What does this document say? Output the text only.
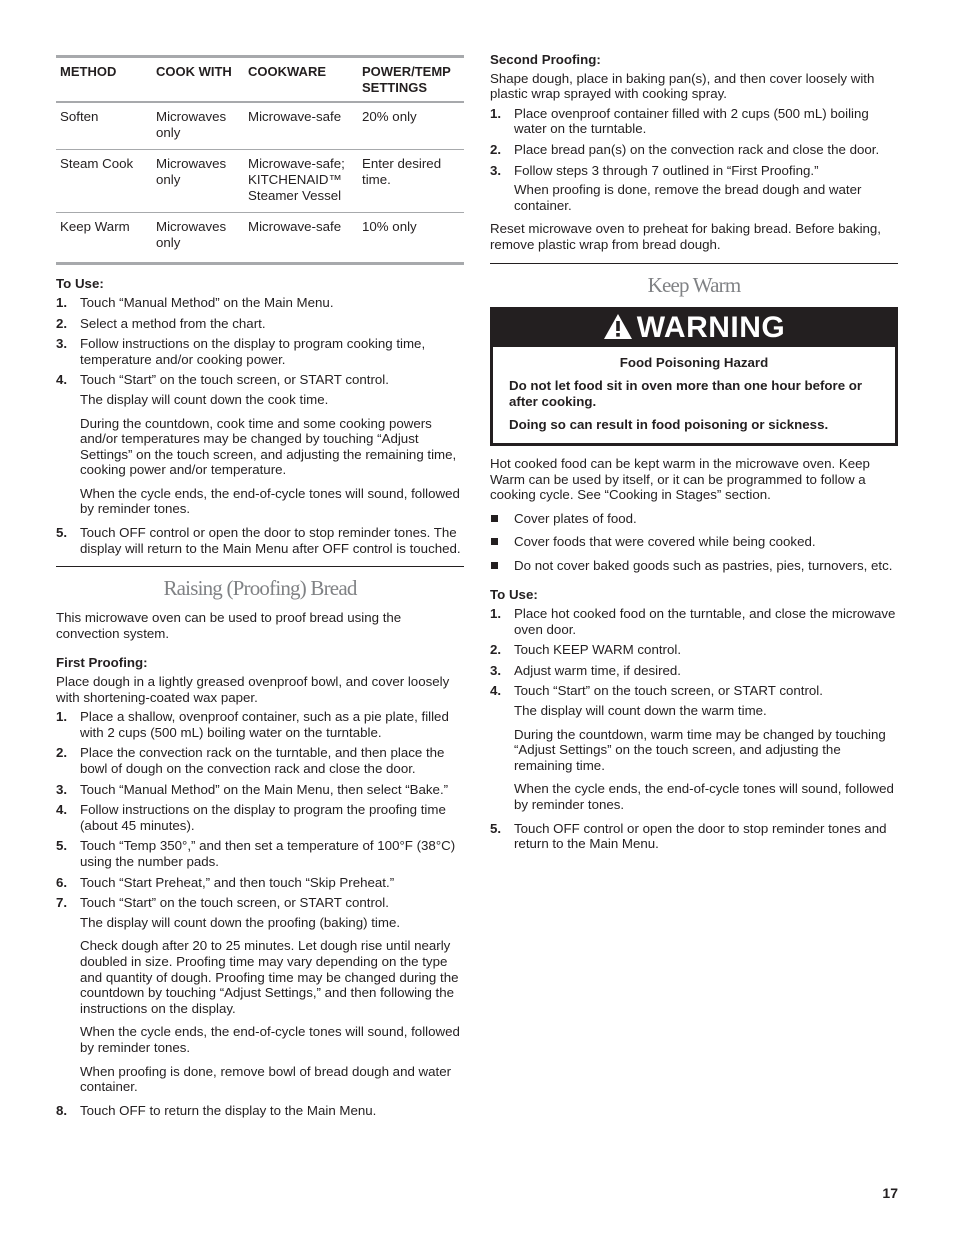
METHOD	COOK WITH	COOKWARE	POWER/TEMP SETTINGS
Soften	Microwaves only	Microwave-safe	20% only
Steam Cook	Microwaves only	Microwave-safe; KITCHENAID™ Steamer Vessel	Enter desired time.
Keep Warm	Microwaves only	Microwave-safe	10% only
To Use:
1. Touch “Manual Method” on the Main Menu.
2. Select a method from the chart.
3. Follow instructions on the display to program cooking time, temperature and/or cooking power.
4. Touch “Start” on the touch screen, or START control.

The display will count down the cook time.

During the countdown, cook time and some cooking powers and/or temperatures may be changed by touching “Adjust Settings” on the touch screen, and adjusting the remaining time, cooking power and/or temperature.

When the cycle ends, the end-of-cycle tones will sound, followed by reminder tones.

5. Touch OFF control or open the door to stop reminder tones. The display will return to the Main Menu after OFF control is touched.
Raising (Proofing) Bread

This microwave oven can be used to proof bread using the convection system.

First Proofing:

Place dough in a lightly greased ovenproof bowl, and cover loosely with shortening-coated wax paper.

1. Place a shallow, ovenproof container, such as a pie plate, filled with 2 cups (500 mL) boiling water on the turntable.
2. Place the convection rack on the turntable, and then place the bowl of dough on the convection rack and close the door.
3. Touch “Manual Method” on the Main Menu, then select “Bake.”
4. Follow instructions on the display to program the proofing time (about 45 minutes).
5. Touch “Temp 350°,” and then set a temperature of 100°F (38°C) using the number pads.
6. Touch “Start Preheat,” and then touch “Skip Preheat.”
7. Touch “Start” on the touch screen, or START control.

The display will count down the proofing (baking) time.

Check dough after 20 to 25 minutes. Let dough rise until nearly doubled in size. Proofing time may vary depending on the type and quantity of dough. Proofing time may be changed during the countdown by touching “Adjust Settings,” and then following the instructions on the display.

When the cycle ends, the end-of-cycle tones will sound, followed by reminder tones.

When proofing is done, remove bowl of bread dough and water container.

8. Touch OFF to return the display to the Main Menu.
Second Proofing:

Shape dough, place in baking pan(s), and then cover loosely with plastic wrap sprayed with cooking spray.

1. Place ovenproof container filled with 2 cups (500 mL) boiling water on the turntable.
2. Place bread pan(s) on the convection rack and close the door.
3. Follow steps 3 through 7 outlined in “First Proofing.”

When proofing is done, remove the bread dough and water container.

Reset microwave oven to preheat for baking bread. Before baking, remove plastic wrap from bread dough.

Keep Warm
WARNING
Food Poisoning Hazard

Do not let food sit in oven more than one hour before or after cooking.

Doing so can result in food poisoning or sickness.

Hot cooked food can be kept warm in the microwave oven. Keep Warm can be used by itself, or it can be programmed to follow a cooking cycle. See “Cooking in Stages” section.

Cover plates of food.
Cover foods that were covered while being cooked.
Do not cover baked goods such as pastries, pies, turnovers, etc.
To Use:
1. Place hot cooked food on the turntable, and close the microwave oven door.
2. Touch KEEP WARM control.
3. Adjust warm time, if desired.
4. Touch “Start” on the touch screen, or START control.

The display will count down the warm time.

During the countdown, warm time may be changed by touching “Adjust Settings” on the touch screen, and adjusting the remaining time.

When the cycle ends, the end-of-cycle tones will sound, followed by reminder tones.

5. Touch OFF control or open the door to stop reminder tones and return to the Main Menu.
17
